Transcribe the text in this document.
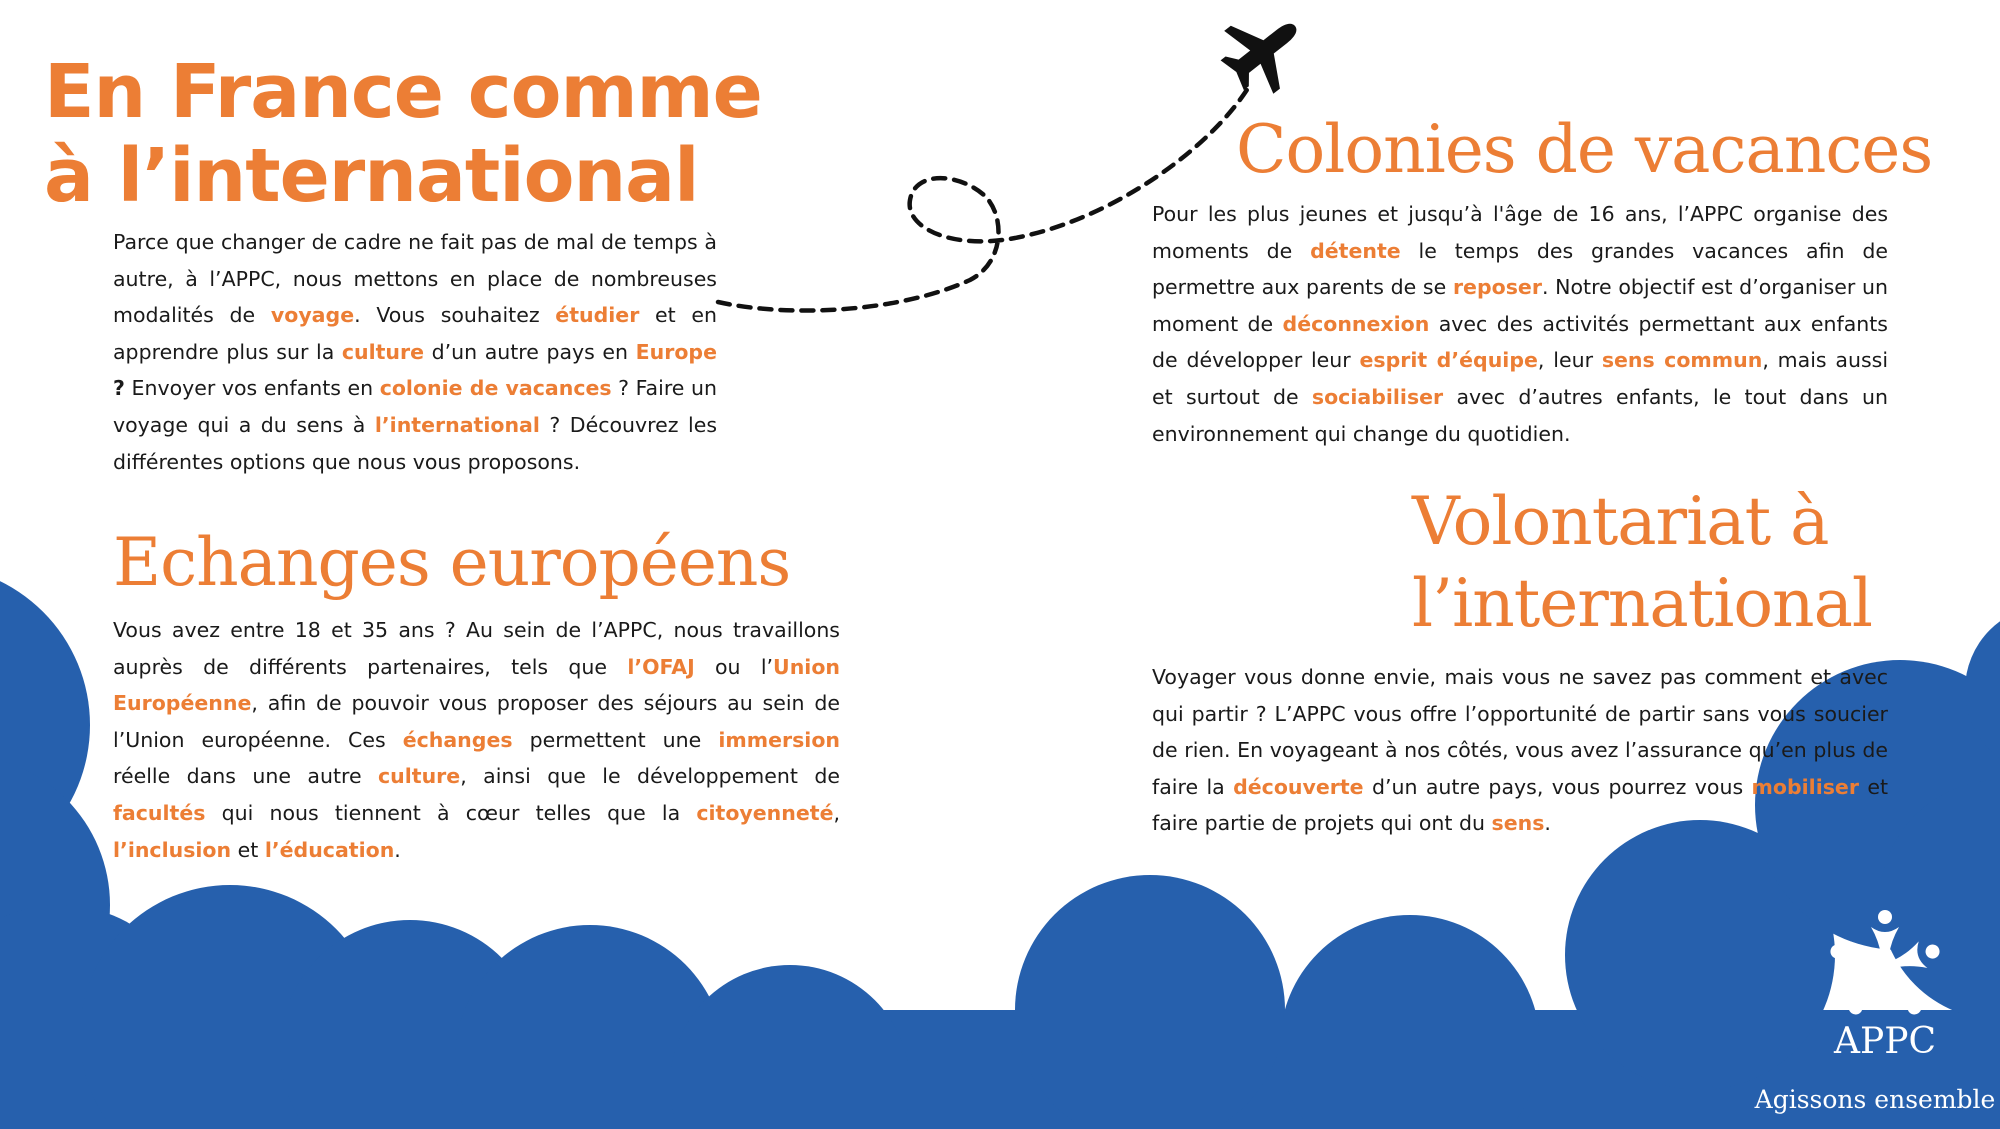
En France comme
à l’international

Parce que changer de cadre ne fait pas de mal de temps à autre, à l’APPC, nous mettons en place de nombreuses modalités de voyage. Vous souhaitez étudier et en apprendre plus sur la culture d’un autre pays en Europe ? Envoyer vos enfants en colonie de vacances ? Faire un voyage qui a du sens à l’international ? Découvrez les différentes options que nous vous proposons.

Echanges européens

Vous avez entre 18 et 35 ans ? Au sein de l’APPC, nous travaillons auprès de différents partenaires, tels que l’OFAJ ou l’Union Européenne, afin de pouvoir vous proposer des séjours au sein de l’Union européenne. Ces échanges permettent une immersion réelle dans une autre culture, ainsi que le développement de facultés qui nous tiennent à cœur telles que la citoyenneté, l’inclusion et l’éducation.

Colonies de vacances

Pour les plus jeunes et jusqu’à l'âge de 16 ans, l’APPC organise des moments de détente le temps des grandes vacances afin de permettre aux parents de se reposer. Notre objectif est d’organiser un moment de déconnexion avec des activités permettant aux enfants de développer leur esprit d’équipe, leur sens commun, mais aussi et surtout de sociabiliser avec d’autres enfants, le tout dans un environnement qui change du quotidien.

Volontariat à
l’international

Voyager vous donne envie, mais vous ne savez pas comment et avec qui partir ? L’APPC vous offre l’opportunité de partir sans vous soucier de rien. En voyageant à nos côtés, vous avez l’assurance qu’en plus de faire la découverte d’un autre pays, vous pourrez vous mobiliser et faire partie de projets qui ont du sens.

APPC
Agissons ensemble
